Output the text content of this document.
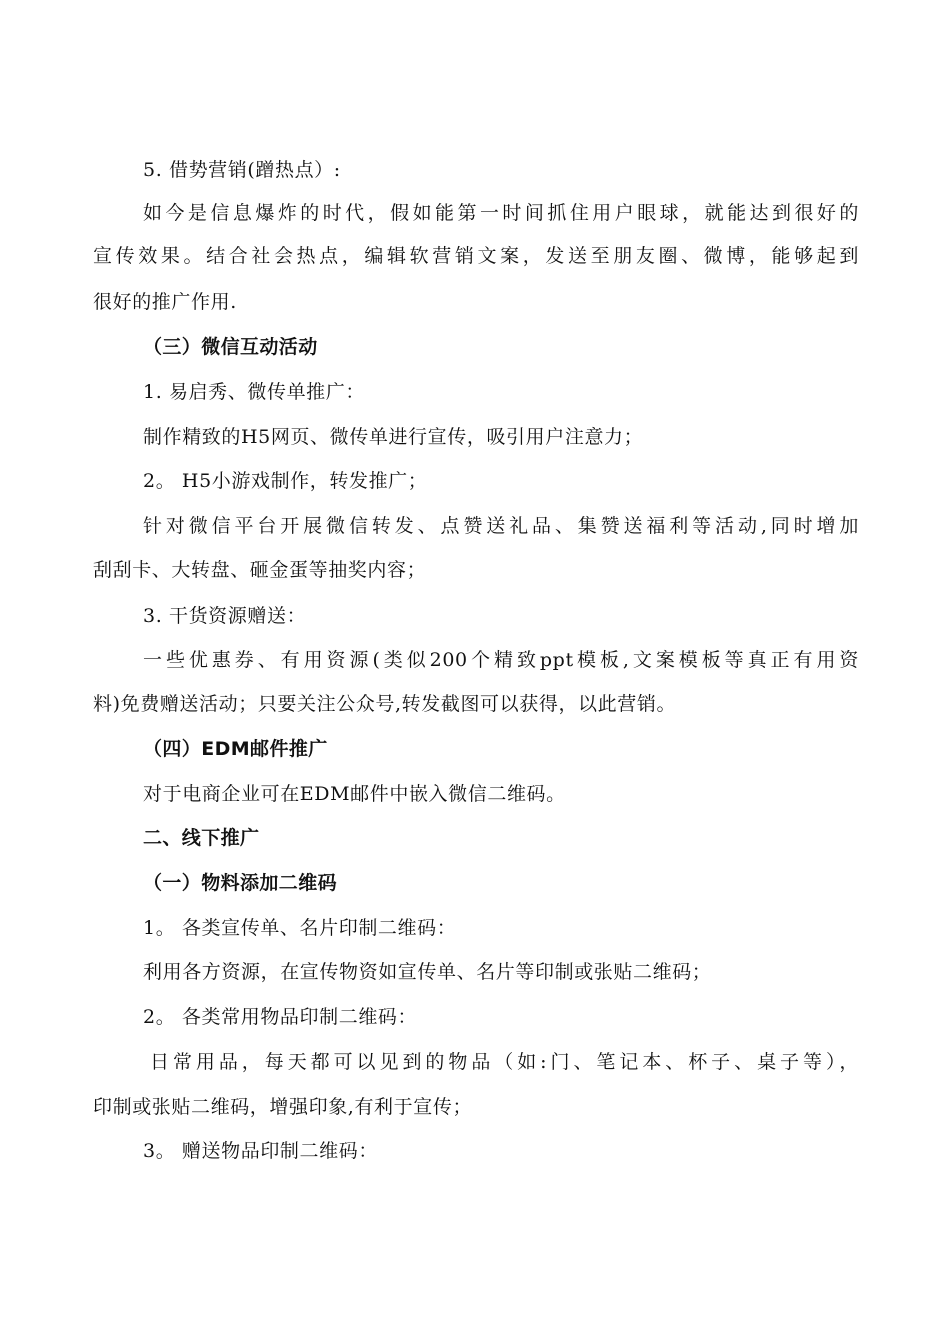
5. 借势营销(蹭热点）:
如今是信息爆炸的时代，假如能第一时间抓住用户眼球，就能达到很好的
宣传效果。结合社会热点，编辑软营销文案，发送至朋友圈、微博，能够起到
很好的推广作用.
（三）微信互动活动
1. 易启秀、微传单推广：
制作精致的H5网页、微传单进行宣传，吸引用户注意力；
2。 H5小游戏制作，转发推广；
针对微信平台开展微信转发、点赞送礼品、集赞送福利等活动,同时增加
刮刮卡、大转盘、砸金蛋等抽奖内容；
3. 干货资源赠送：
一些优惠券、有用资源(类似200个精致ppt模板,文案模板等真正有用资
料)免费赠送活动；只要关注公众号,转发截图可以获得，以此营销。
（四）EDM邮件推广
对于电商企业可在EDM邮件中嵌入微信二维码。
二、线下推广
（一）物料添加二维码
1。 各类宣传单、名片印制二维码：
利用各方资源，在宣传物资如宣传单、名片等印制或张贴二维码；
2。 各类常用物品印制二维码：
日常用品，每天都可以见到的物品（如:门、笔记本、杯子、桌子等），
印制或张贴二维码，增强印象,有利于宣传；
3。 赠送物品印制二维码：
